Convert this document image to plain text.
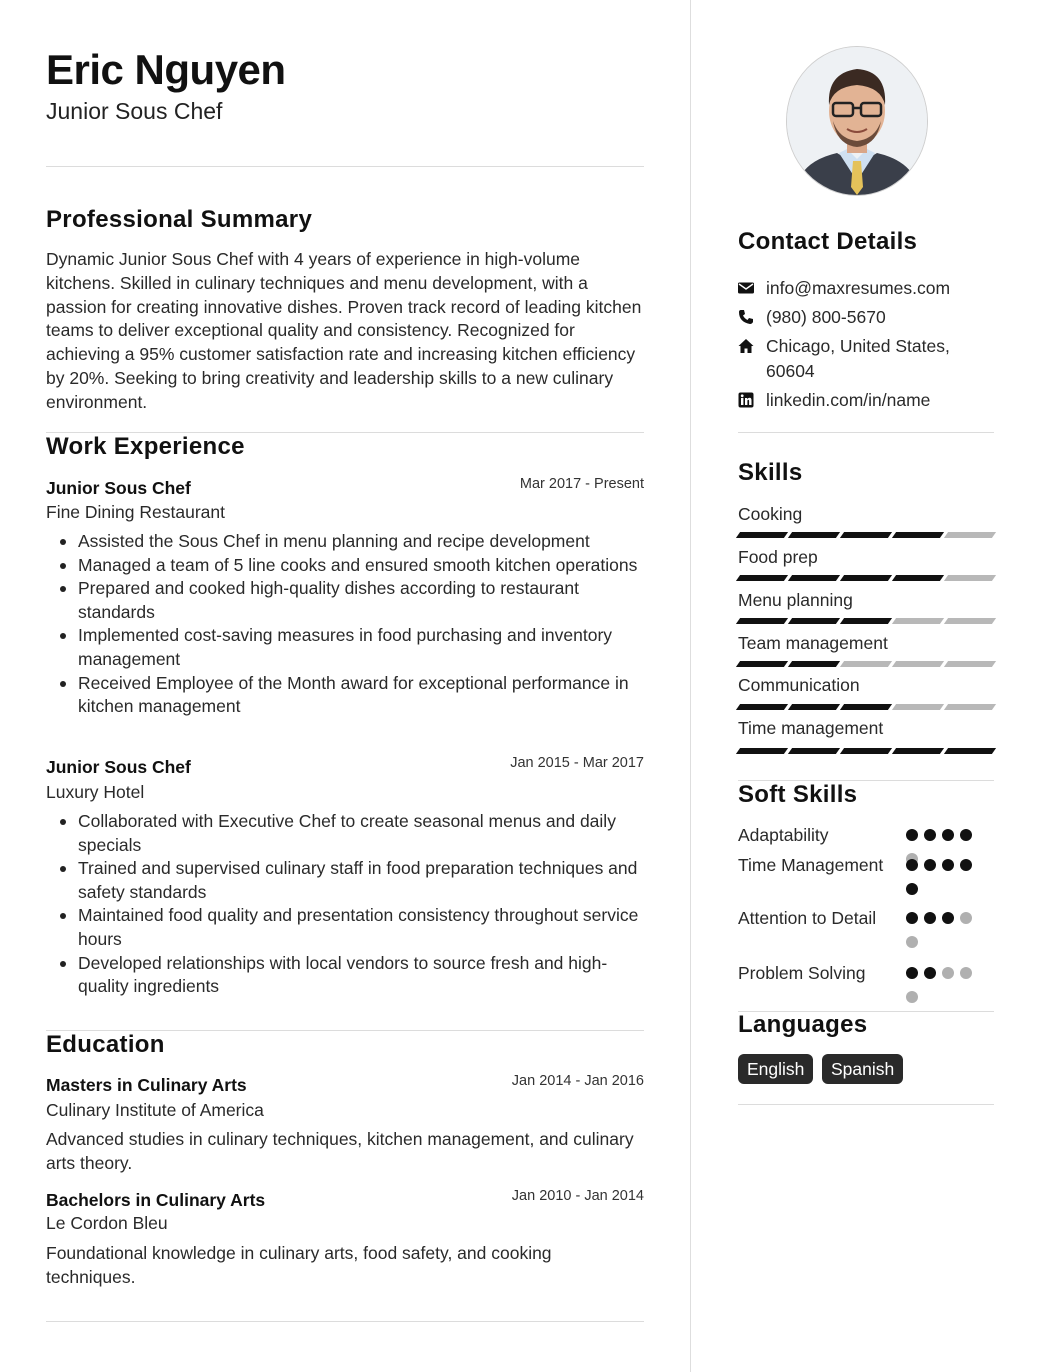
Eric Nguyen
Junior Sous Chef
Professional Summary
Dynamic Junior Sous Chef with 4 years of experience in high-volume kitchens. Skilled in culinary techniques and menu development, with a passion for creating innovative dishes. Proven track record of leading kitchen teams to deliver exceptional quality and consistency. Recognized for achieving a 95% customer satisfaction rate and increasing kitchen efficiency by 20%. Seeking to bring creativity and leadership skills to a new culinary environment.
Work Experience
Junior Sous Chef	Mar 2017 - Present
Fine Dining Restaurant
Assisted the Sous Chef in menu planning and recipe development
Managed a team of 5 line cooks and ensured smooth kitchen operations
Prepared and cooked high-quality dishes according to restaurant standards
Implemented cost-saving measures in food purchasing and inventory management
Received Employee of the Month award for exceptional performance in kitchen management
Junior Sous Chef	Jan 2015 - Mar 2017
Luxury Hotel
Collaborated with Executive Chef to create seasonal menus and daily specials
Trained and supervised culinary staff in food preparation techniques and safety standards
Maintained food quality and presentation consistency throughout service hours
Developed relationships with local vendors to source fresh and high-quality ingredients
Education
Masters in Culinary Arts	Jan 2014 - Jan 2016
Culinary Institute of America
Advanced studies in culinary techniques, kitchen management, and culinary arts theory.
Bachelors in Culinary Arts	Jan 2010 - Jan 2014
Le Cordon Bleu
Foundational knowledge in culinary arts, food safety, and cooking techniques.
Contact Details
info@maxresumes.com
(980) 800-5670
Chicago, United States, 60604
linkedin.com/in/name
Skills
Cooking
Food prep
Menu planning
Team management
Communication
Time management
Soft Skills
Adaptability
Time Management
Attention to Detail
Problem Solving
Languages
English	Spanish
